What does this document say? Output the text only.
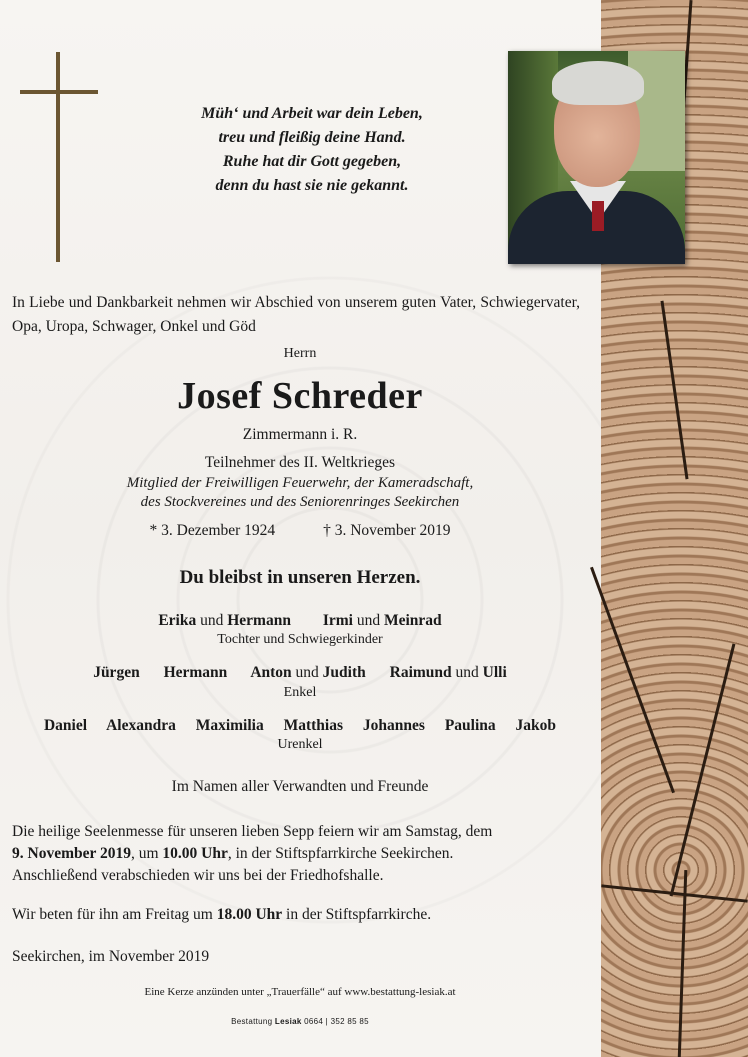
Müh‘ und Arbeit war dein Leben,
treu und fleißig deine Hand.
Ruhe hat dir Gott gegeben,
denn du hast sie nie gekannt.
In Liebe und Dankbarkeit nehmen wir Abschied von unserem guten Vater, Schwiegervater, Opa, Uropa, Schwager, Onkel und Göd
Herrn
Josef Schreder
Zimmermann i. R.
Teilnehmer des II. Weltkrieges
Mitglied der Freiwilligen Feuerwehr, der Kameradschaft,
des Stockvereines und des Seniorenringes Seekirchen
* 3. Dezember 1924	† 3. November 2019
Du bleibst in unseren Herzen.
Erika und Hermann Irmi und Meinrad
Tochter und Schwiegerkinder
Jürgen Hermann Anton und Judith Raimund und Ulli
Enkel
Daniel Alexandra Maximilia Matthias Johannes Paulina Jakob
Urenkel
Im Namen aller Verwandten und Freunde
Die heilige Seelenmesse für unseren lieben Sepp feiern wir am Samstag, dem
9. November 2019, um 10.00 Uhr, in der Stiftspfarrkirche Seekirchen.
Anschließend verabschieden wir uns bei der Friedhofshalle.
Wir beten für ihn am Freitag um 18.00 Uhr in der Stiftspfarrkirche.
Seekirchen, im November 2019
Eine Kerze anzünden unter „Trauerfälle“ auf www.bestattung-lesiak.at
Bestattung Lesiak 0664 | 352 85 85
